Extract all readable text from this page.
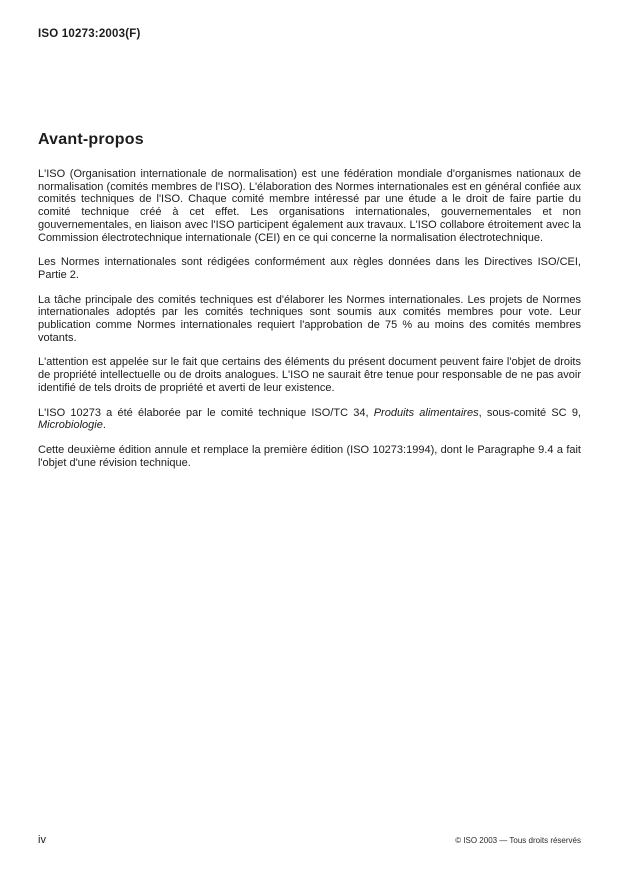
ISO 10273:2003(F)
Avant-propos

L'ISO (Organisation internationale de normalisation) est une fédération mondiale d'organismes nationaux de normalisation (comités membres de l'ISO). L'élaboration des Normes internationales est en général confiée aux comités techniques de l'ISO. Chaque comité membre intéressé par une étude a le droit de faire partie du comité technique créé à cet effet. Les organisations internationales, gouvernementales et non gouvernementales, en liaison avec l'ISO participent également aux travaux. L'ISO collabore étroitement avec la Commission électrotechnique internationale (CEI) en ce qui concerne la normalisation électrotechnique.

Les Normes internationales sont rédigées conformément aux règles données dans les Directives ISO/CEI, Partie 2.

La tâche principale des comités techniques est d'élaborer les Normes internationales. Les projets de Normes internationales adoptés par les comités techniques sont soumis aux comités membres pour vote. Leur publication comme Normes internationales requiert l'approbation de 75 % au moins des comités membres votants.

L'attention est appelée sur le fait que certains des éléments du présent document peuvent faire l'objet de droits de propriété intellectuelle ou de droits analogues. L'ISO ne saurait être tenue pour responsable de ne pas avoir identifié de tels droits de propriété et averti de leur existence.

L'ISO 10273 a été élaborée par le comité technique ISO/TC 34, Produits alimentaires, sous-comité SC 9, Microbiologie.

Cette deuxième édition annule et remplace la première édition (ISO 10273:1994), dont le Paragraphe 9.4 a fait l'objet d'une révision technique.

iv	© ISO 2003 — Tous droits réservés
